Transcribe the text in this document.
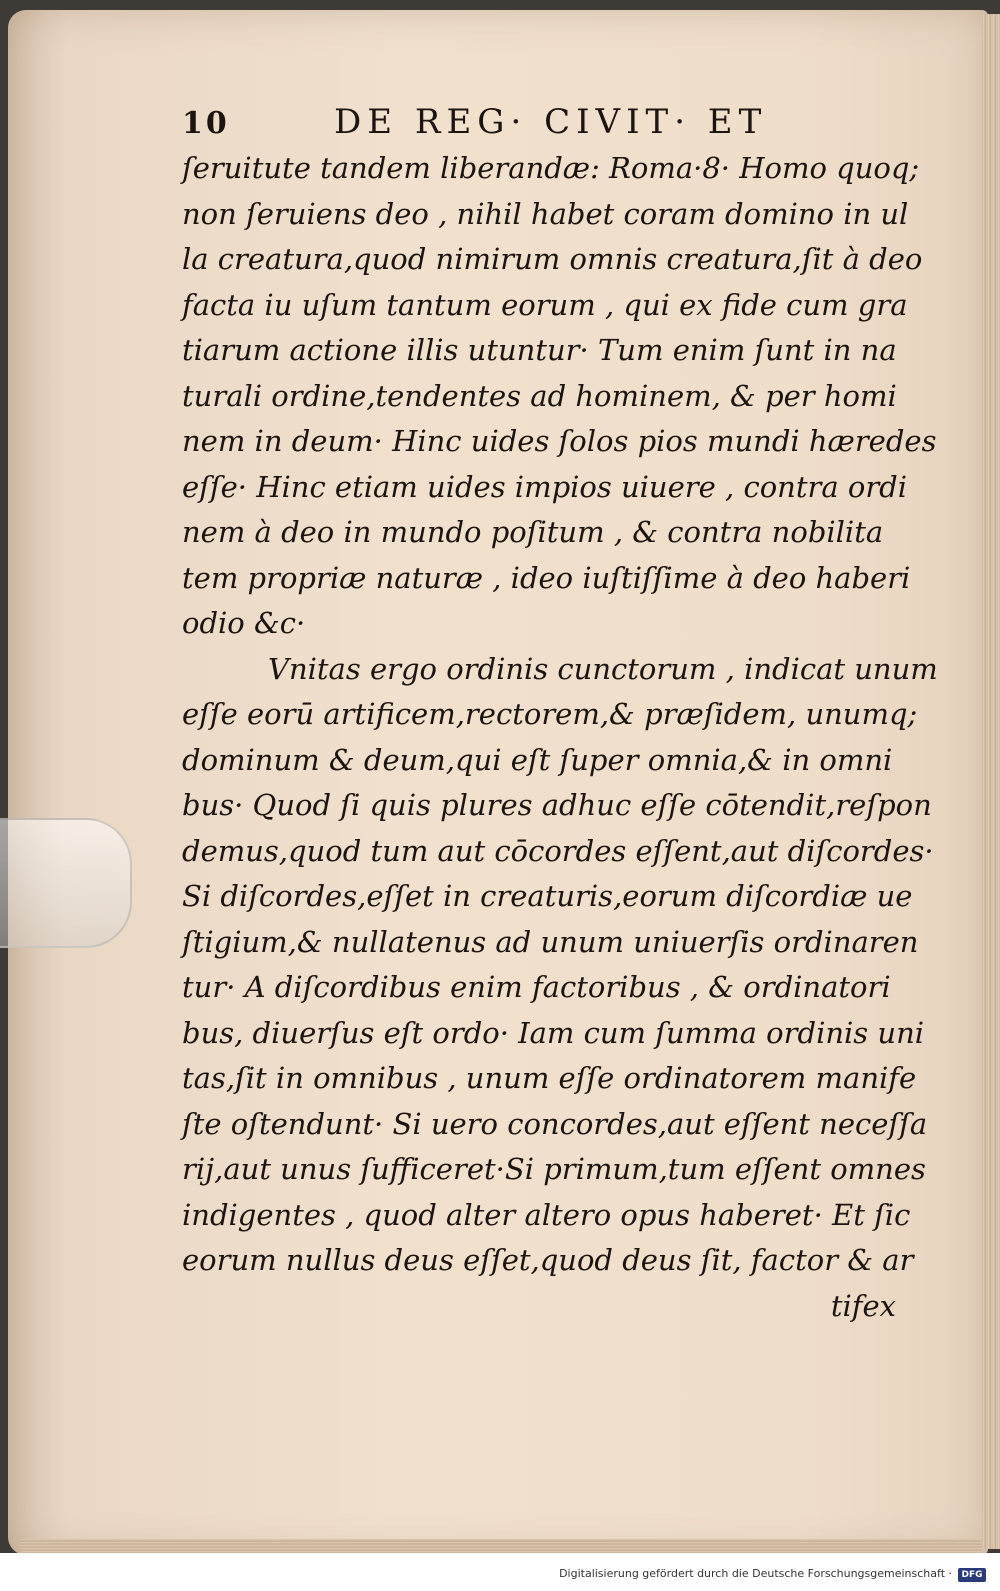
10	DE REG· CIVIT· ET
ſeruitute tandem liberandæ: Roma·8· Homo quoq;
non ſeruiens deo , nihil habet coram domino in ul
la creatura,quod nimirum omnis creatura,ſit à deo
facta iu uſum tantum eorum , qui ex fide cum gra
tiarum actione illis utuntur· Tum enim ſunt in na
turali ordine,tendentes ad hominem, & per homi
nem in deum· Hinc uides ſolos pios mundi hæredes
eſſe· Hinc etiam uides impios uiuere , contra ordi
nem à deo in mundo poſitum , & contra nobilita
tem propriæ naturæ , ideo iuſtiſſime à deo haberi
odio &c·
Vnitas ergo ordinis cunctorum , indicat unum
eſſe eorū artificem,rectorem,& præſidem, unumq;
dominum & deum,qui eſt ſuper omnia,& in omni
bus· Quod ſi quis plures adhuc eſſe cōtendit,reſpon
demus,quod tum aut cōcordes eſſent,aut diſcordes·
Si diſcordes,eſſet in creaturis,eorum diſcordiæ ue
ſtigium,& nullatenus ad unum uniuerſis ordinaren
tur· A diſcordibus enim factoribus , & ordinatori
bus, diuerſus eſt ordo· Iam cum ſumma ordinis uni
tas,ſit in omnibus , unum eſſe ordinatorem manife
ſte oſtendunt· Si uero concordes,aut eſſent neceſſa
rij,aut unus ſufficeret·Si primum,tum eſſent omnes
indigentes , quod alter altero opus haberet· Et ſic
eorum nullus deus eſſet,quod deus ſit, factor & ar
tifex
Digitalisierung gefördert durch die Deutsche Forschungsgemeinschaft ·	DFG
